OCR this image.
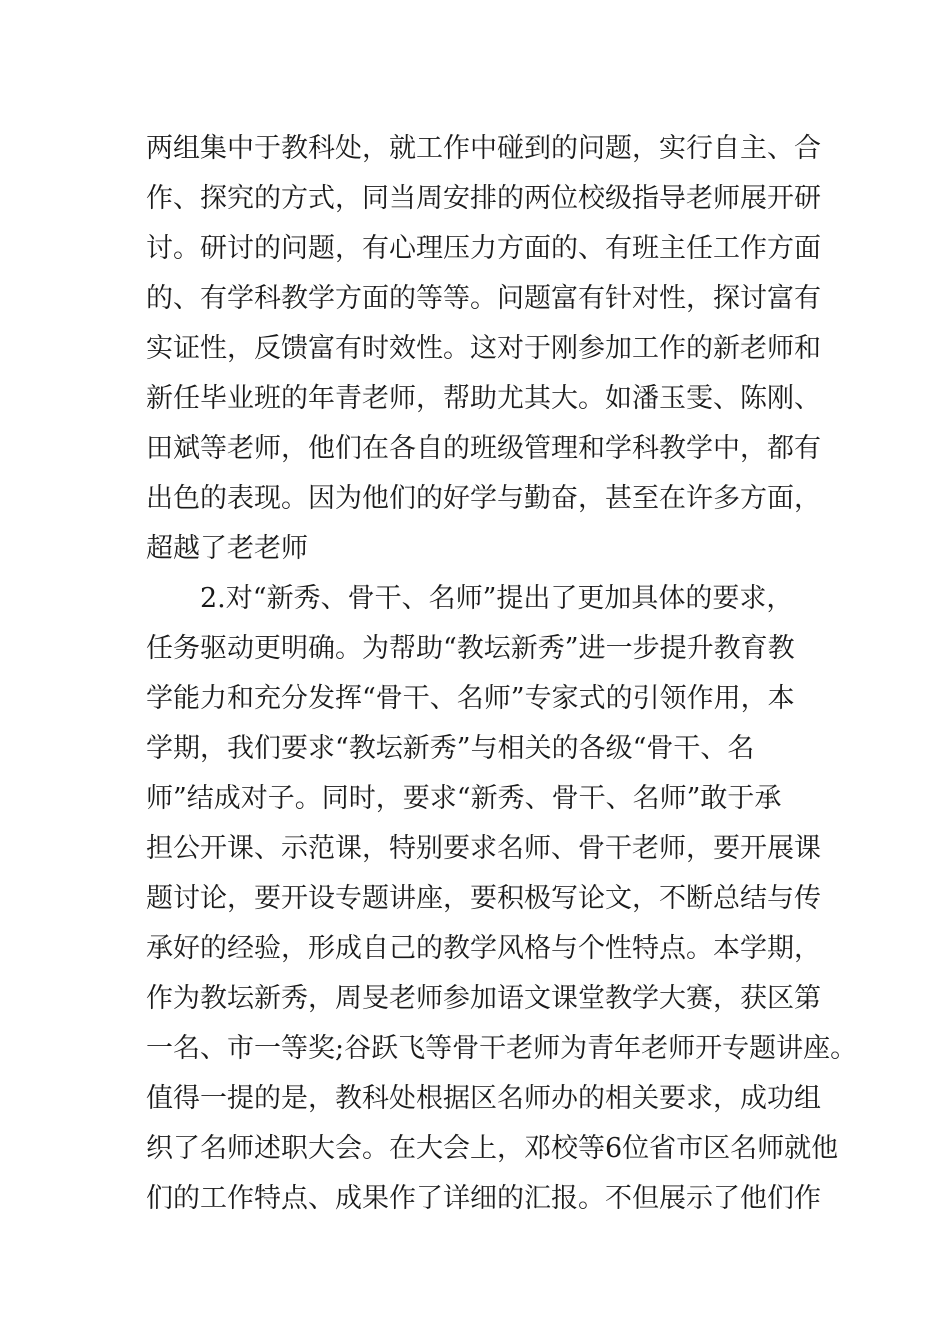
两组集中于教科处，就工作中碰到的问题，实行自主、合
作、探究的方式，同当周安排的两位校级指导老师展开研
讨。研讨的问题，有心理压力方面的、有班主任工作方面
的、有学科教学方面的等等。问题富有针对性，探讨富有
实证性，反馈富有时效性。这对于刚参加工作的新老师和
新任毕业班的年青老师，帮助尤其大。如潘玉雯、陈刚、
田斌等老师，他们在各自的班级管理和学科教学中，都有
出色的表现。因为他们的好学与勤奋，甚至在许多方面，
超越了老老师
2.对“新秀、骨干、名师”提出了更加具体的要求，
任务驱动更明确。为帮助“教坛新秀”进一步提升教育教
学能力和充分发挥“骨干、名师”专家式的引领作用，本
学期，我们要求“教坛新秀”与相关的各级“骨干、名
师”结成对子。同时，要求“新秀、骨干、名师”敢于承
担公开课、示范课，特别要求名师、骨干老师，要开展课
题讨论，要开设专题讲座，要积极写论文，不断总结与传
承好的经验，形成自己的教学风格与个性特点。本学期，
作为教坛新秀，周旻老师参加语文课堂教学大赛，获区第
一名、市一等奖;谷跃飞等骨干老师为青年老师开专题讲座。
值得一提的是，教科处根据区名师办的相关要求，成功组
织了名师述职大会。在大会上，邓校等6位省市区名师就他
们的工作特点、成果作了详细的汇报。不但展示了他们作
